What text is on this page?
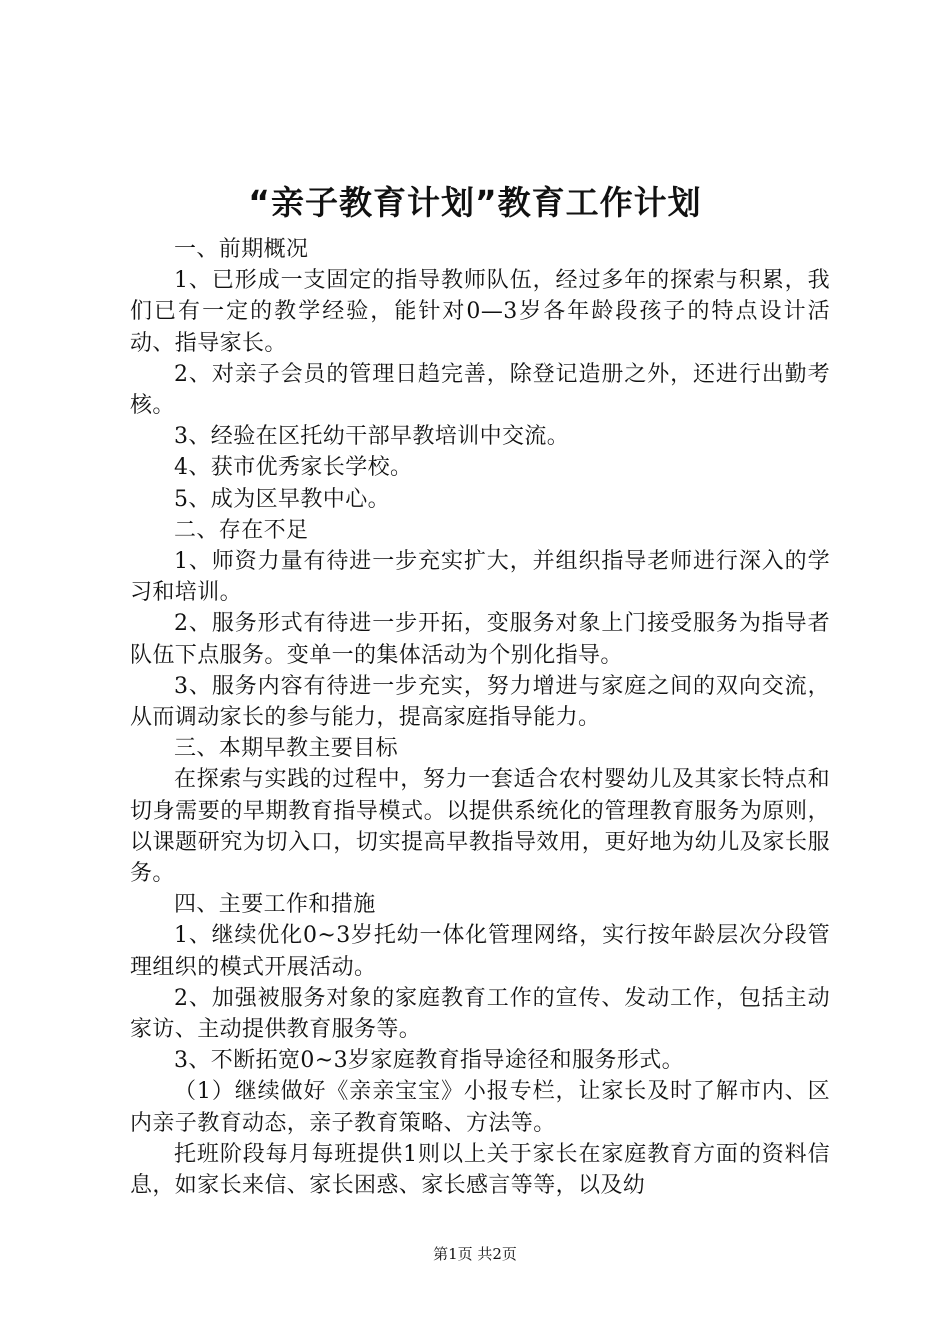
“亲子教育计划”教育工作计划

一、前期概况

1、已形成一支固定的指导教师队伍，经过多年的探索与积累，我们已有一定的教学经验，能针对0—3岁各年龄段孩子的特点设计活动、指导家长。

2、对亲子会员的管理日趋完善，除登记造册之外，还进行出勤考核。

3、经验在区托幼干部早教培训中交流。

4、获市优秀家长学校。

5、成为区早教中心。

二、存在不足

1、师资力量有待进一步充实扩大，并组织指导老师进行深入的学习和培训。

2、服务形式有待进一步开拓，变服务对象上门接受服务为指导者队伍下点服务。变单一的集体活动为个别化指导。

3、服务内容有待进一步充实，努力增进与家庭之间的双向交流，从而调动家长的参与能力，提高家庭指导能力。

三、本期早教主要目标

在探索与实践的过程中，努力一套适合农村婴幼儿及其家长特点和切身需要的早期教育指导模式。以提供系统化的管理教育服务为原则，以课题研究为切入口，切实提高早教指导效用，更好地为幼儿及家长服务。

四、主要工作和措施

1、继续优化0~3岁托幼一体化管理网络，实行按年龄层次分段管理组织的模式开展活动。

2、加强被服务对象的家庭教育工作的宣传、发动工作，包括主动家访、主动提供教育服务等。

3、不断拓宽0~3岁家庭教育指导途径和服务形式。

（1）继续做好《亲亲宝宝》小报专栏，让家长及时了解市内、区内亲子教育动态，亲子教育策略、方法等。

托班阶段每月每班提供1则以上关于家长在家庭教育方面的资料信息，如家长来信、家长困惑、家长感言等等，以及幼

第1页 共2页
